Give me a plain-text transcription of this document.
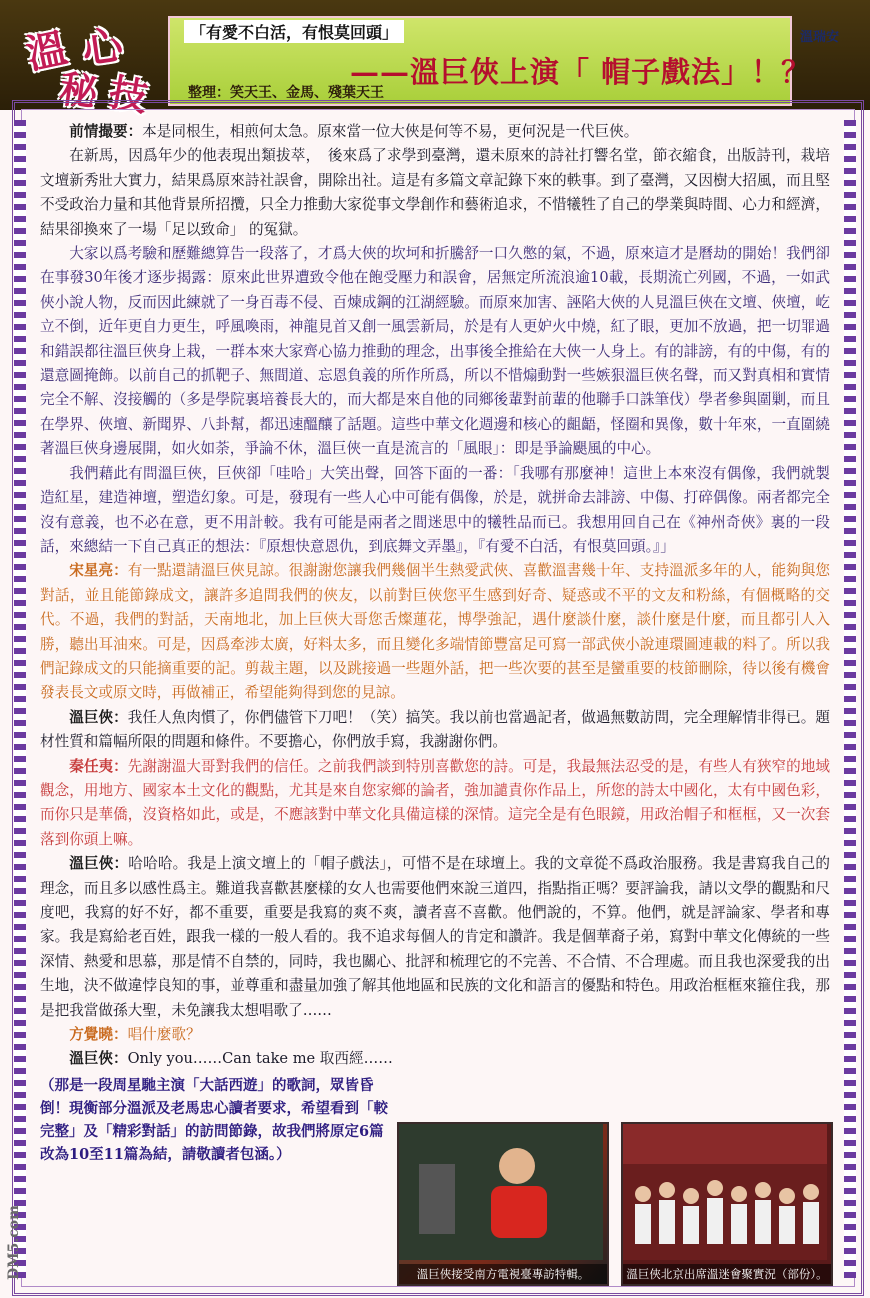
溫 心
秘 技
「有愛不白活，有恨莫回頭」
——溫巨俠上演「 帽子戲法」！？
整理：笑天王、金馬、殘葉天王
溫瑞安

前情撮要：本是同根生，相煎何太急。原來當一位大俠是何等不易，更何況是一代巨俠。

在新馬，因爲年少的他表現出類拔萃，　後來爲了求學到臺灣，還未原來的詩社打響名堂，節衣縮食，出版詩刊，栽培文壇新秀壯大實力，結果爲原來詩社誤會，開除出社。這是有多篇文章記錄下來的軼事。到了臺灣，又因樹大招風，而且堅不受政治力量和其他背景所招攬，只全力推動大家從事文學創作和藝術追求，不惜犧牲了自己的學業與時間、心力和經濟，結果卻換來了一場「足以致命」 的冤獄。

大家以爲考驗和歷難總算告一段落了，才爲大俠的坎坷和折騰舒一口久憋的氣，不過，原來這才是曆劫的開始！我們卻在事發30年後才逐步揭露：原來此世界遭致令他在飽受壓力和誤會，居無定所流浪逾10載，長期流亡列國，不過，一如武俠小說人物，反而因此練就了一身百毒不侵、百煉成鋼的江湖經驗。而原來加害、誣陷大俠的人見溫巨俠在文壇、俠壇，屹立不倒，近年更自力更生，呼風喚雨，神龍見首又創一風雲新局，於是有人更妒火中燒，紅了眼，更加不放過，把一切罪過和錯誤都往溫巨俠身上栽，一群本來大家齊心協力推動的理念，出事後全推給在大俠一人身上。有的誹謗，有的中傷，有的還意圖掩飾。以前自己的抓靶子、無間道、忘恩負義的所作所爲，所以不惜煽動對一些嫉狠溫巨俠名聲，而又對真相和實情完全不解、沒接觸的（多是學院裏培養長大的，而大都是來自他的同鄉後輩對前輩的他聯手口誅筆伐）學者參與圍剿，而且在學界、俠壇、新聞界、八卦幫，都迅速醞釀了話題。這些中華文化週邊和核心的齟齬，怪圈和異像，數十年來，一直圍繞著溫巨俠身邊展開，如火如荼，爭論不休，溫巨俠一直是流言的「風眼」：即是爭論颶風的中心。

我們藉此有問溫巨俠，巨俠卻「哇哈」大笑出聲，回答下面的一番：「我哪有那麼神！這世上本來沒有偶像，我們就製造紅星，建造神壇，塑造幻象。可是，發現有一些人心中可能有偶像，於是，就拼命去誹謗、中傷、打碎偶像。兩者都完全沒有意義，也不必在意，更不用計較。我有可能是兩者之間迷思中的犧牲品而已。我想用回自己在《神州奇俠》裏的一段話，來總結一下自己真正的想法：『原想快意恩仇，到底舞文弄墨』，『有愛不白活，有恨莫回頭。』」

宋星亮：有一點還請溫巨俠見諒。很謝謝您讓我們幾個半生熱愛武俠、喜歡溫書幾十年、支持溫派多年的人，能夠與您對話，並且能節錄成文，讓許多追問我們的俠友，以前對巨俠您平生感到好奇、疑惑或不平的文友和粉絲，有個概略的交代。不過，我們的對話，天南地北，加上巨俠大哥您舌燦蓮花，博學強記，遇什麼談什麼，談什麼是什麼，而且都引人入勝，聽出耳油來。可是，因爲牽涉太廣，好料太多，而且變化多端情節豐富足可寫一部武俠小說連環圖連載的料了。所以我們記錄成文的只能摘重要的記。剪裁主題，以及跳接過一些題外話，把一些次要的甚至是蠻重要的枝節刪除，待以後有機會發表長文或原文時，再做補正，希望能夠得到您的見諒。

溫巨俠：我任人魚肉慣了，你們儘管下刀吧！（笑）搞笑。我以前也當過記者，做過無數訪問，完全理解情非得已。題材性質和篇幅所限的問題和條件。不要擔心，你們放手寫，我謝謝你們。

秦任夷：先謝謝溫大哥對我們的信任。之前我們談到特別喜歡您的詩。可是，我最無法忍受的是，有些人有狹窄的地域觀念，用地方、國家本土文化的觀點，尤其是來自您家鄉的論者，強加譴責你作品上，所您的詩太中國化，太有中國色彩，而你只是華僑，沒資格如此，或是，不應該對中華文化具備這樣的深情。這完全是有色眼鏡，用政治帽子和框框，又一次套落到你頭上嘛。

溫巨俠：哈哈哈。我是上演文壇上的「帽子戲法」，可惜不是在球壇上。我的文章從不爲政治服務。我是書寫我自己的理念，而且多以感性爲主。難道我喜歡甚麼樣的女人也需要他們來說三道四，指點指正嗎？要評論我，請以文學的觀點和尺度吧，我寫的好不好，都不重要，重要是我寫的爽不爽，讀者喜不喜歡。他們說的，不算。他們，就是評論家、學者和專家。我是寫給老百姓，跟我一樣的一般人看的。我不追求每個人的肯定和讚許。我是個華裔子弟，寫對中華文化傳統的一些深情、熱愛和思慕，那是情不自禁的，同時，我也關心、批評和梳理它的不完善、不合情、不合理處。而且我也深愛我的出生地，決不做違悖良知的事，並尊重和盡量加強了解其他地區和民族的文化和語言的優點和特色。用政治框框來箍住我，那是把我當做孫大聖，未免讓我太想唱歌了……

方覺曉：唱什麼歌？

溫巨俠：Only you……Can take me 取西經……

（那是一段周星馳主演「大話西遊」的歌詞，眾皆昏倒！現衡部分溫派及老馬忠心讀者要求，希望看到「較完整」及「精彩對話」的訪問節錄，故我們將原定6篇改為10至11篇為結，請敬讀者包涵。）
溫巨俠接受南方電視臺專訪特輯。	溫巨俠北京出席溫迷會聚實況（部份）。
DM5.com
